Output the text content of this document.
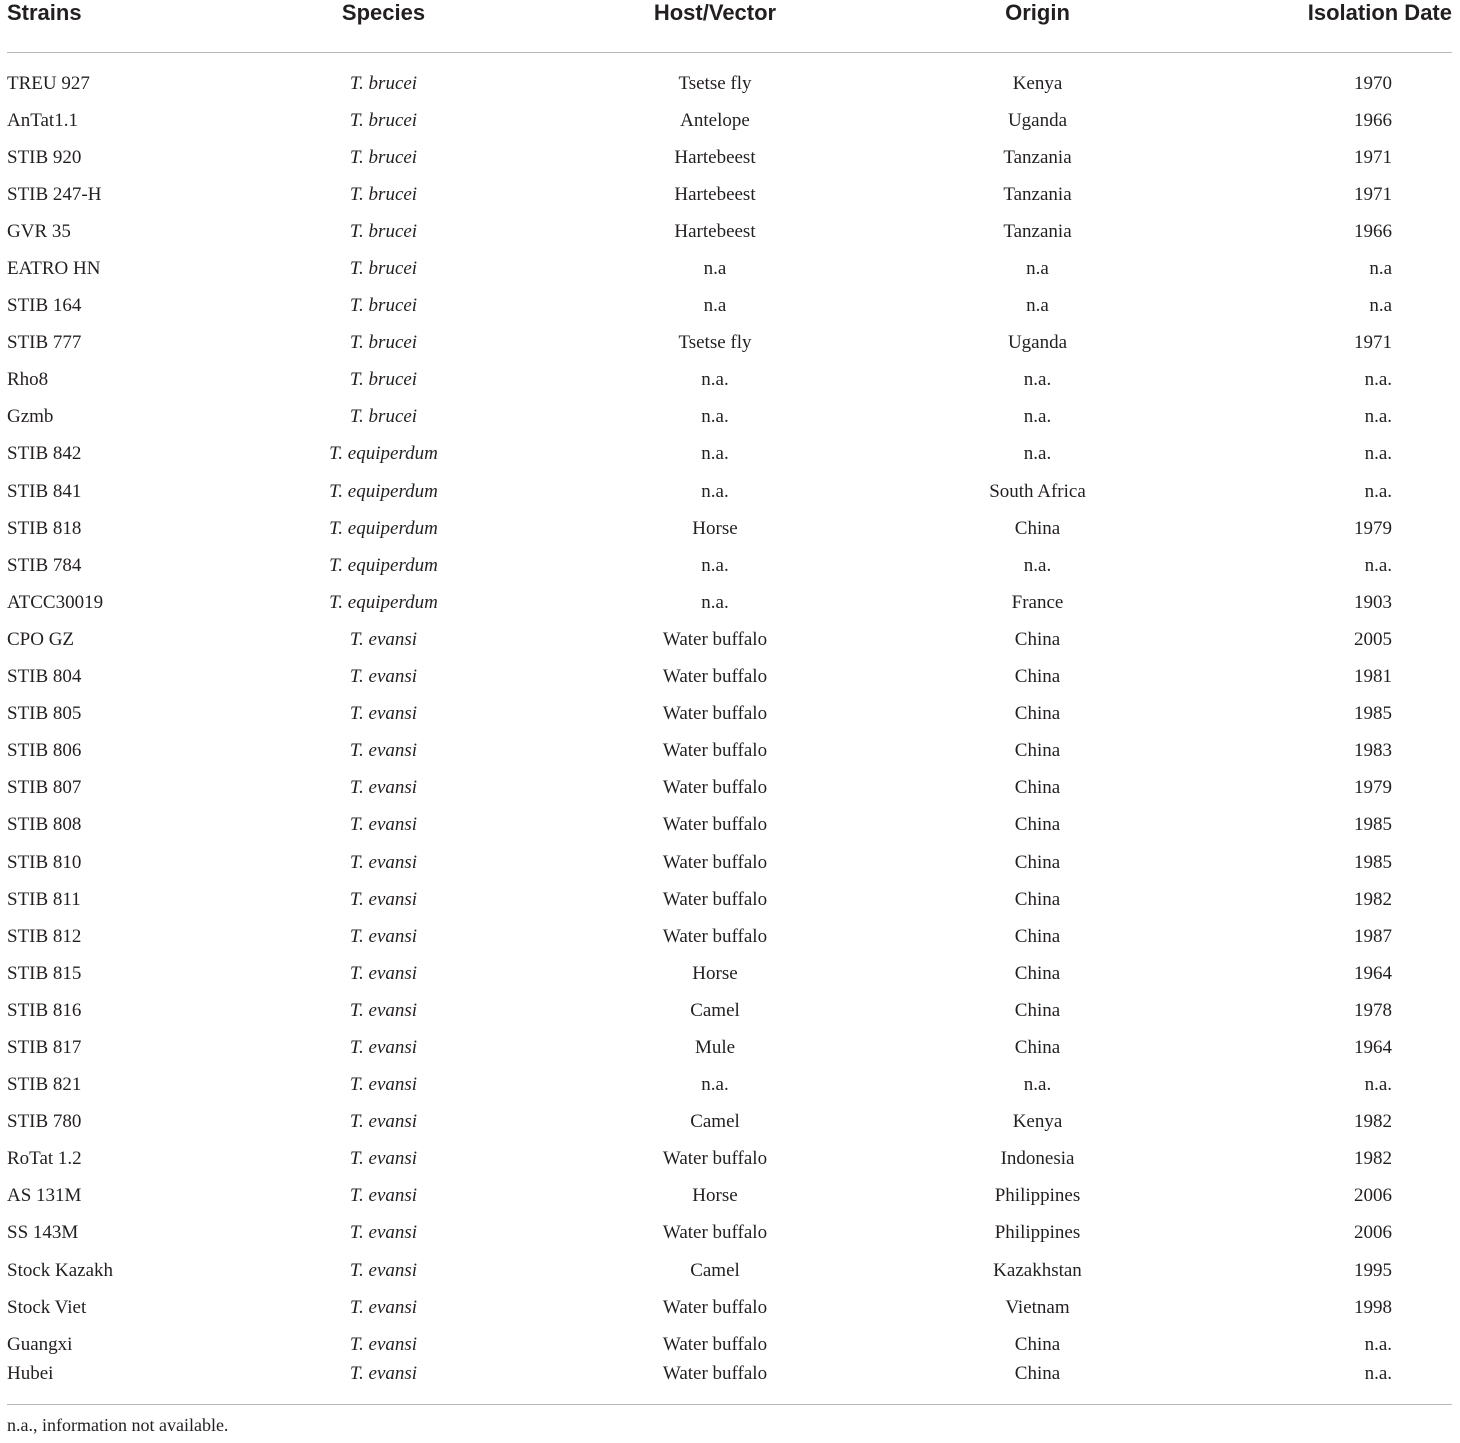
Strains	Species	Host/Vector	Origin	Isolation Date
TREU 927	T. brucei	Tsetse fly	Kenya	1970
AnTat1.1	T. brucei	Antelope	Uganda	1966
STIB 920	T. brucei	Hartebeest	Tanzania	1971
STIB 247-H	T. brucei	Hartebeest	Tanzania	1971
GVR 35	T. brucei	Hartebeest	Tanzania	1966
EATRO HN	T. brucei	n.a	n.a	n.a
STIB 164	T. brucei	n.a	n.a	n.a
STIB 777	T. brucei	Tsetse fly	Uganda	1971
Rho8	T. brucei	n.a.	n.a.	n.a.
Gzmb	T. brucei	n.a.	n.a.	n.a.
STIB 842	T. equiperdum	n.a.	n.a.	n.a.
STIB 841	T. equiperdum	n.a.	South Africa	n.a.
STIB 818	T. equiperdum	Horse	China	1979
STIB 784	T. equiperdum	n.a.	n.a.	n.a.
ATCC30019	T. equiperdum	n.a.	France	1903
CPO GZ	T. evansi	Water buffalo	China	2005
STIB 804	T. evansi	Water buffalo	China	1981
STIB 805	T. evansi	Water buffalo	China	1985
STIB 806	T. evansi	Water buffalo	China	1983
STIB 807	T. evansi	Water buffalo	China	1979
STIB 808	T. evansi	Water buffalo	China	1985
STIB 810	T. evansi	Water buffalo	China	1985
STIB 811	T. evansi	Water buffalo	China	1982
STIB 812	T. evansi	Water buffalo	China	1987
STIB 815	T. evansi	Horse	China	1964
STIB 816	T. evansi	Camel	China	1978
STIB 817	T. evansi	Mule	China	1964
STIB 821	T. evansi	n.a.	n.a.	n.a.
STIB 780	T. evansi	Camel	Kenya	1982
RoTat 1.2	T. evansi	Water buffalo	Indonesia	1982
AS 131M	T. evansi	Horse	Philippines	2006
SS 143M	T. evansi	Water buffalo	Philippines	2006
Stock Kazakh	T. evansi	Camel	Kazakhstan	1995
Stock Viet	T. evansi	Water buffalo	Vietnam	1998
Guangxi	T. evansi	Water buffalo	China	n.a.
Hubei	T. evansi	Water buffalo	China	n.a.
n.a., information not available.
